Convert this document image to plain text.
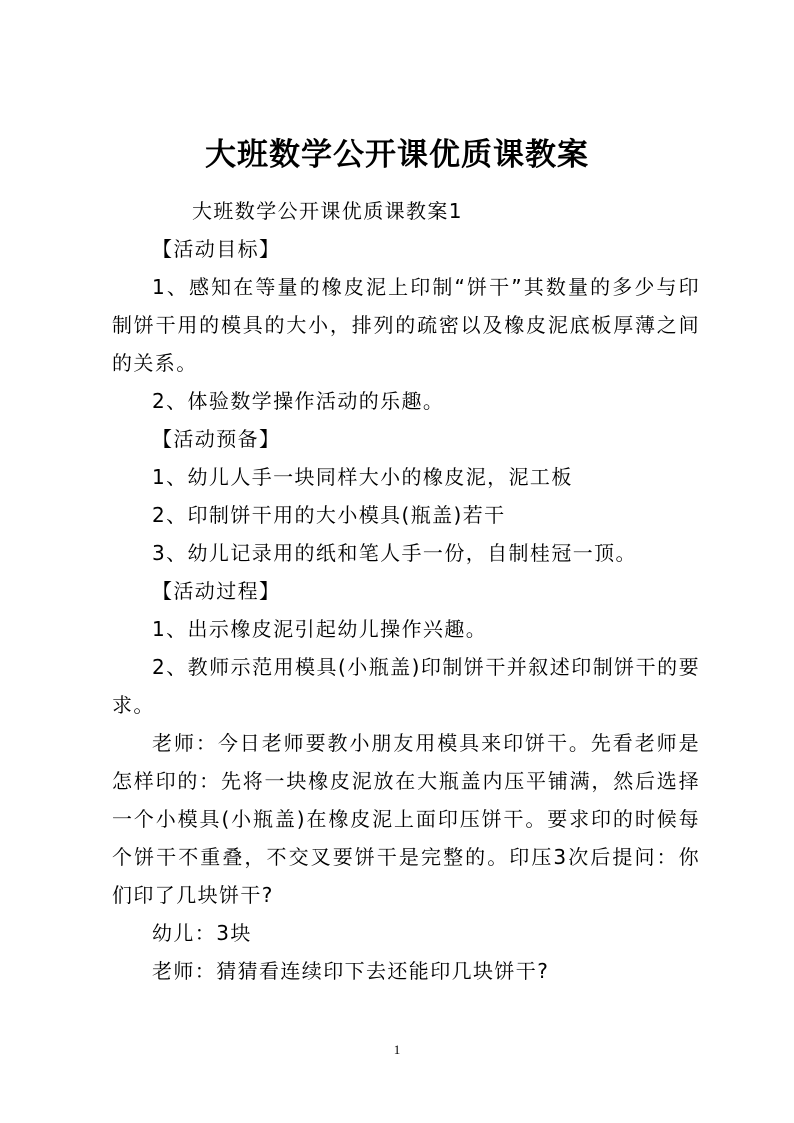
大班数学公开课优质课教案

大班数学公开课优质课教案1

【活动目标】

1、感知在等量的橡皮泥上印制“饼干”其数量的多少与印制饼干用的模具的大小，排列的疏密以及橡皮泥底板厚薄之间的关系。

2、体验数学操作活动的乐趣。

【活动预备】

1、幼儿人手一块同样大小的橡皮泥，泥工板

2、印制饼干用的大小模具(瓶盖)若干

3、幼儿记录用的纸和笔人手一份，自制桂冠一顶。

【活动过程】

1、出示橡皮泥引起幼儿操作兴趣。

2、教师示范用模具(小瓶盖)印制饼干并叙述印制饼干的要求。

老师：今日老师要教小朋友用模具来印饼干。先看老师是怎样印的：先将一块橡皮泥放在大瓶盖内压平铺满，然后选择一个小模具(小瓶盖)在橡皮泥上面印压饼干。要求印的时候每个饼干不重叠，不交叉要饼干是完整的。印压3次后提问：你们印了几块饼干?

幼儿：3块

老师：猜猜看连续印下去还能印几块饼干?

1
